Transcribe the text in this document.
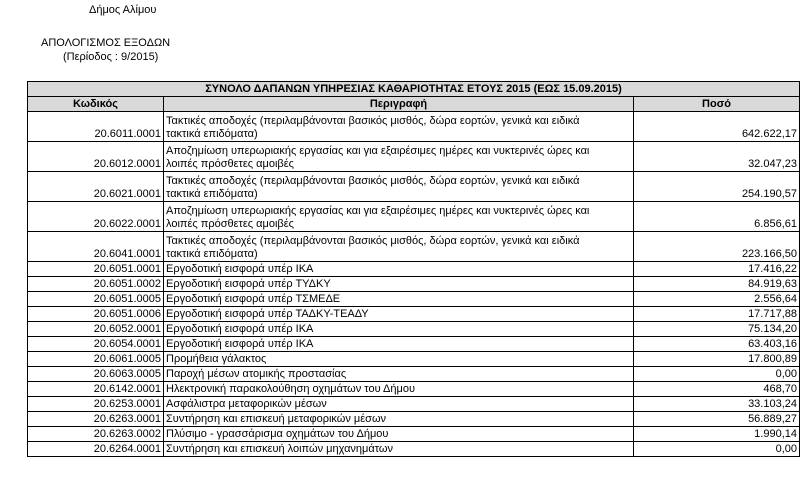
Δήμος Αλίμου
ΑΠΟΛΟΓΙΣΜΟΣ ΕΞΟΔΩΝ
(Περίοδος : 9/2015)
ΣΥΝΟΛΟ ΔΑΠΑΝΩΝ ΥΠΗΡΕΣΙΑΣ ΚΑΘΑΡΙΟΤΗΤΑΣ ΕΤΟΥΣ 2015 (ΕΩΣ 15.09.2015)		
Κωδικός	Περιγραφή	Ποσό
20.6011.0001	Τακτικές αποδοχές (περιλαμβάνονται βασικός μισθός, δώρα εορτών, γενικά και ειδικά
τακτικά επιδόματα)	642.622,17
20.6012.0001	Αποζημίωση υπερωριακής εργασίας και για εξαιρέσιμες ημέρες και νυκτερινές ώρες και
λοιπές πρόσθετες αμοιβές	32.047,23
20.6021.0001	Τακτικές αποδοχές (περιλαμβάνονται βασικός μισθός, δώρα εορτών, γενικά και ειδικά
τακτικά επιδόματα)	254.190,57
20.6022.0001	Αποζημίωση υπερωριακής εργασίας και για εξαιρέσιμες ημέρες και νυκτερινές ώρες και
λοιπές πρόσθετες αμοιβές	6.856,61
20.6041.0001	Τακτικές αποδοχές (περιλαμβάνονται βασικός μισθός, δώρα εορτών, γενικά και ειδικά
τακτικά επιδόματα)	223.166,50
20.6051.0001	Εργοδοτική εισφορά υπέρ ΙΚΑ	17.416,22
20.6051.0002	Εργοδοτική εισφορά υπέρ ΤΥΔΚΥ	84.919,63
20.6051.0005	Εργοδοτική εισφορά υπέρ ΤΣΜΕΔΕ	2.556,64
20.6051.0006	Εργοδοτική εισφορά υπέρ ΤΑΔΚΥ-ΤΕΑΔΥ	17.717,88
20.6052.0001	Εργοδοτική εισφορά υπέρ ΙΚΑ	75.134,20
20.6054.0001	Εργοδοτική εισφορά υπέρ ΙΚΑ	63.403,16
20.6061.0005	Προμήθεια γάλακτος	17.800,89
20.6063.0005	Παροχή μέσων ατομικής προστασίας	0,00
20.6142.0001	Ηλεκτρονική παρακολούθηση οχημάτων του Δήμου	468,70
20.6253.0001	Ασφάλιστρα μεταφορικών μέσων	33.103,24
20.6263.0001	Συντήρηση και επισκευή μεταφορικών μέσων	56.889,27
20.6263.0002	Πλύσιμο - γρασσάρισμα οχημάτων του Δήμου	1.990,14
20.6264.0001	Συντήρηση και επισκευή λοιπών μηχανημάτων	0,00
